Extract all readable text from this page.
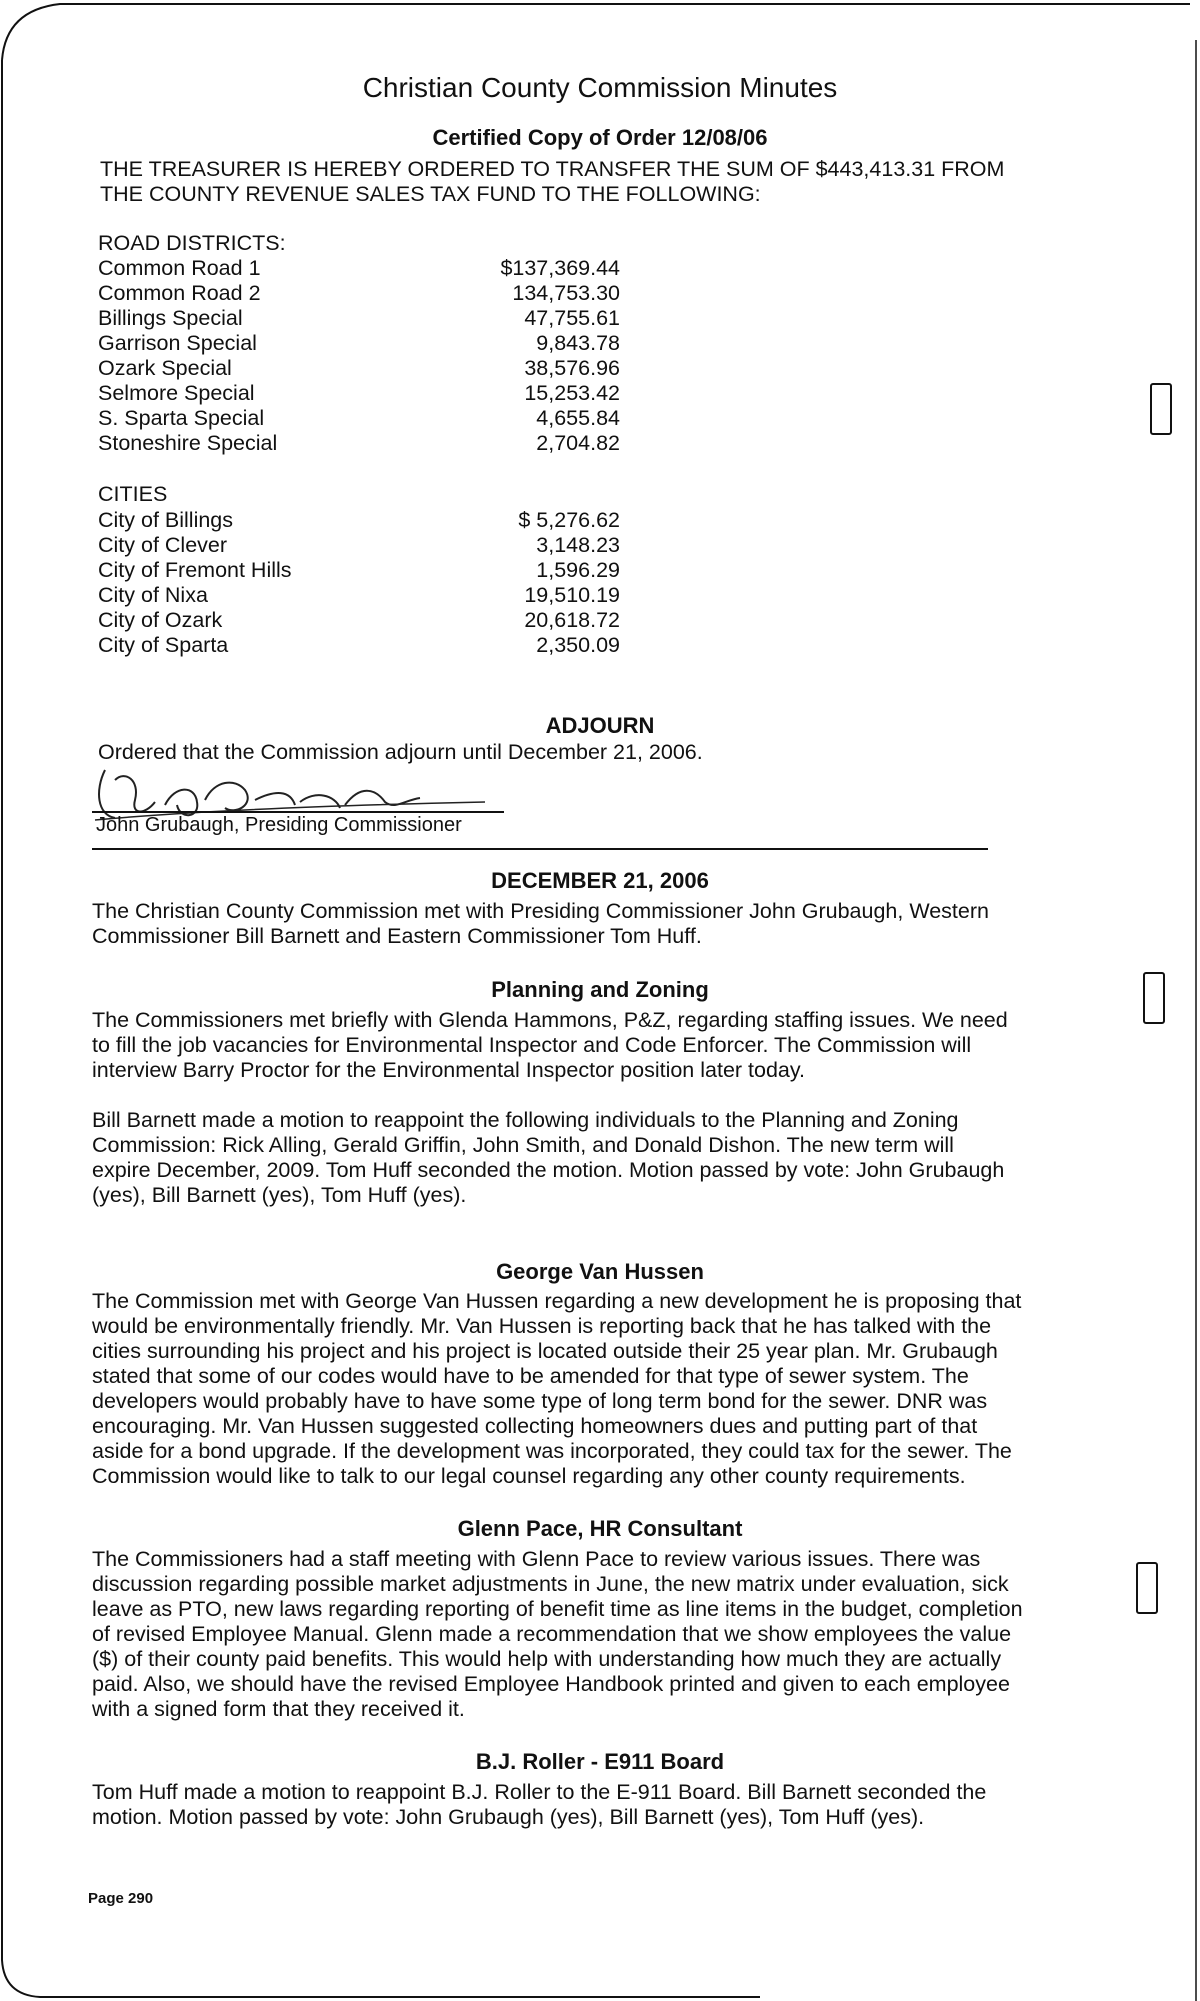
Christian County Commission Minutes
Certified Copy of Order 12/08/06
THE TREASURER IS HEREBY ORDERED TO TRANSFER THE SUM OF $443,413.31 FROM
THE COUNTY REVENUE SALES TAX FUND TO THE FOLLOWING:
ROAD DISTRICTS:
Common Road 1	$137,369.44
Common Road 2	134,753.30
Billings Special	47,755.61
Garrison Special	9,843.78
Ozark Special	38,576.96
Selmore Special	15,253.42
S. Sparta Special	4,655.84
Stoneshire Special	2,704.82
CITIES
City of Billings	$ 5,276.62
City of Clever	3,148.23
City of Fremont Hills	1,596.29
City of Nixa	19,510.19
City of Ozark	20,618.72
City of Sparta	2,350.09
ADJOURN
Ordered that the Commission adjourn until December 21, 2006.
John Grubaugh, Presiding Commissioner
DECEMBER 21, 2006
The Christian County Commission met with Presiding Commissioner John Grubaugh, Western
Commissioner Bill Barnett and Eastern Commissioner Tom Huff.
Planning and Zoning
The Commissioners met briefly with Glenda Hammons, P&Z, regarding staffing issues. We need
to fill the job vacancies for Environmental Inspector and Code Enforcer. The Commission will
interview Barry Proctor for the Environmental Inspector position later today.
Bill Barnett made a motion to reappoint the following individuals to the Planning and Zoning
Commission: Rick Alling, Gerald Griffin, John Smith, and Donald Dishon. The new term will
expire December, 2009. Tom Huff seconded the motion. Motion passed by vote: John Grubaugh
(yes), Bill Barnett (yes), Tom Huff (yes).
George Van Hussen
The Commission met with George Van Hussen regarding a new development he is proposing that
would be environmentally friendly. Mr. Van Hussen is reporting back that he has talked with the
cities surrounding his project and his project is located outside their 25 year plan. Mr. Grubaugh
stated that some of our codes would have to be amended for that type of sewer system. The
developers would probably have to have some type of long term bond for the sewer. DNR was
encouraging. Mr. Van Hussen suggested collecting homeowners dues and putting part of that
aside for a bond upgrade. If the development was incorporated, they could tax for the sewer. The
Commission would like to talk to our legal counsel regarding any other county requirements.
Glenn Pace, HR Consultant
The Commissioners had a staff meeting with Glenn Pace to review various issues. There was
discussion regarding possible market adjustments in June, the new matrix under evaluation, sick
leave as PTO, new laws regarding reporting of benefit time as line items in the budget, completion
of revised Employee Manual. Glenn made a recommendation that we show employees the value
($) of their county paid benefits. This would help with understanding how much they are actually
paid. Also, we should have the revised Employee Handbook printed and given to each employee
with a signed form that they received it.
B.J. Roller - E911 Board
Tom Huff made a motion to reappoint B.J. Roller to the E-911 Board. Bill Barnett seconded the
motion. Motion passed by vote: John Grubaugh (yes), Bill Barnett (yes), Tom Huff (yes).
Page 290
